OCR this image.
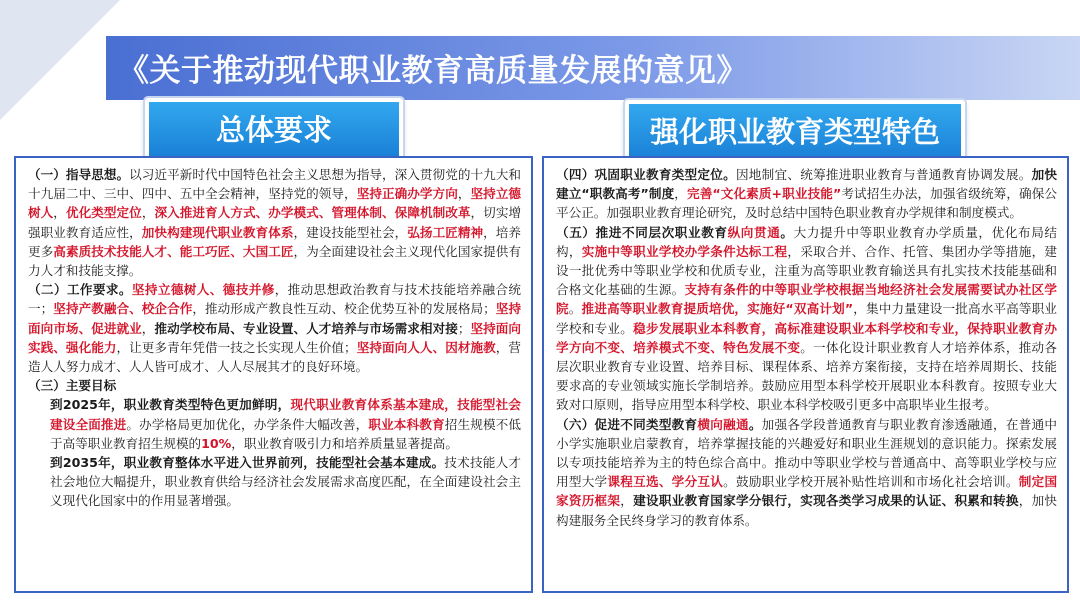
《关于推动现代职业教育高质量发展的意见》
总体要求	强化职业教育类型特色
（一）指导思想。以习近平新时代中国特色社会主义思想为指导，深入贯彻党的十九大和十九届二中、三中、四中、五中全会精神，坚持党的领导，坚持正确办学方向，坚持立德树人，优化类型定位，深入推进育人方式、办学模式、管理体制、保障机制改革，切实增强职业教育适应性，加快构建现代职业教育体系，建设技能型社会，弘扬工匠精神，培养更多高素质技术技能人才、能工巧匠、大国工匠，为全面建设社会主义现代化国家提供有力人才和技能支撑。
（二）工作要求。坚持立德树人、德技并修，推动思想政治教育与技术技能培养融合统一；坚持产教融合、校企合作，推动形成产教良性互动、校企优势互补的发展格局；坚持面向市场、促进就业，推动学校布局、专业设置、人才培养与市场需求相对接；坚持面向实践、强化能力，让更多青年凭借一技之长实现人生价值；坚持面向人人、因材施教，营造人人努力成才、人人皆可成才、人人尽展其才的良好环境。
（三）主要目标
到2025年，职业教育类型特色更加鲜明，现代职业教育体系基本建成，技能型社会建设全面推进。办学格局更加优化，办学条件大幅改善，职业本科教育招生规模不低于高等职业教育招生规模的10%，职业教育吸引力和培养质量显著提高。
到2035年，职业教育整体水平进入世界前列，技能型社会基本建成。技术技能人才社会地位大幅提升，职业教育供给与经济社会发展需求高度匹配，在全面建设社会主义现代化国家中的作用显著增强。
（四）巩固职业教育类型定位。因地制宜、统筹推进职业教育与普通教育协调发展。加快建立“职教高考”制度，完善“文化素质+职业技能”考试招生办法，加强省级统筹，确保公平公正。加强职业教育理论研究，及时总结中国特色职业教育办学规律和制度模式。
（五）推进不同层次职业教育纵向贯通。大力提升中等职业教育办学质量，优化布局结构，实施中等职业学校办学条件达标工程，采取合并、合作、托管、集团办学等措施，建设一批优秀中等职业学校和优质专业，注重为高等职业教育输送具有扎实技术技能基础和合格文化基础的生源。支持有条件的中等职业学校根据当地经济社会发展需要试办社区学院。推进高等职业教育提质培优，实施好“双高计划”，集中力量建设一批高水平高等职业学校和专业。稳步发展职业本科教育，高标准建设职业本科学校和专业，保持职业教育办学方向不变、培养模式不变、特色发展不变。一体化设计职业教育人才培养体系，推动各层次职业教育专业设置、培养目标、课程体系、培养方案衔接，支持在培养周期长、技能要求高的专业领域实施长学制培养。鼓励应用型本科学校开展职业本科教育。按照专业大致对口原则，指导应用型本科学校、职业本科学校吸引更多中高职毕业生报考。
（六）促进不同类型教育横向融通。加强各学段普通教育与职业教育渗透融通，在普通中小学实施职业启蒙教育，培养掌握技能的兴趣爱好和职业生涯规划的意识能力。探索发展以专项技能培养为主的特色综合高中。推动中等职业学校与普通高中、高等职业学校与应用型大学课程互选、学分互认。鼓励职业学校开展补贴性培训和市场化社会培训。制定国家资历框架，建设职业教育国家学分银行，实现各类学习成果的认证、积累和转换，加快构建服务全民终身学习的教育体系。
